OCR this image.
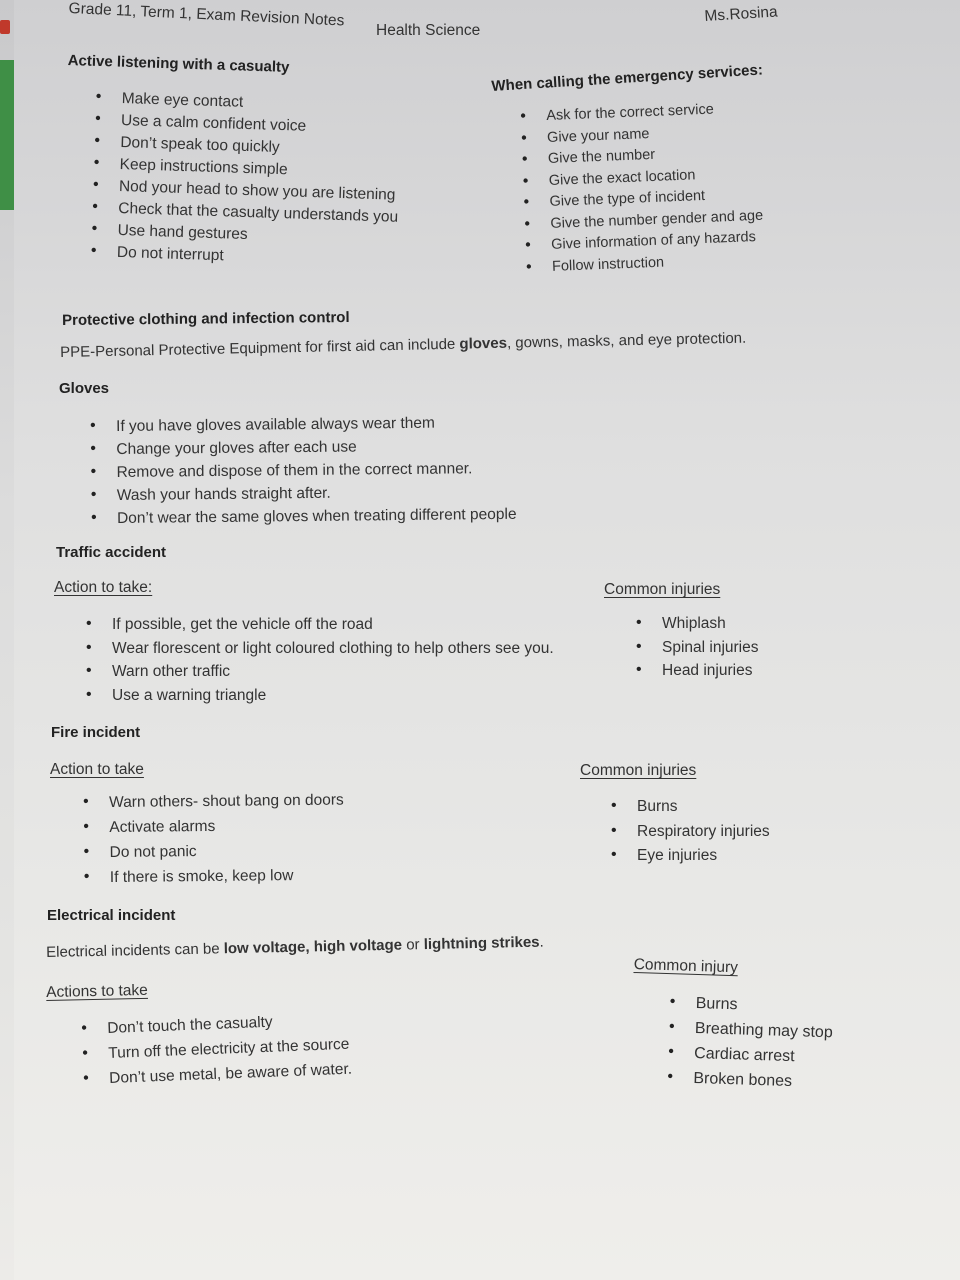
Grade 11, Term 1, Exam Revision Notes
Health Science
Ms.Rosina
Active listening with a casualty
• Make eye contact
• Use a calm confident voice
• Don’t speak too quickly
• Keep instructions simple
• Nod your head to show you are listening
• Check that the casualty understands you
• Use hand gestures
• Do not interrupt
When calling the emergency services:
• Ask for the correct service
• Give your name
• Give the number
• Give the exact location
• Give the type of incident
• Give the number gender and age
• Give information of any hazards
• Follow instruction
Protective clothing and infection control
PPE-Personal Protective Equipment for first aid can include gloves, gowns, masks, and eye protection.
Gloves
• If you have gloves available always wear them
• Change your gloves after each use
• Remove and dispose of them in the correct manner.
• Wash your hands straight after.
• Don’t wear the same gloves when treating different people
Traffic accident
Action to take:
• If possible, get the vehicle off the road
• Wear florescent or light coloured clothing to help others see you.
• Warn other traffic
• Use a warning triangle
Common injuries
• Whiplash
• Spinal injuries
• Head injuries
Fire incident
Action to take
• Warn others- shout bang on doors
• Activate alarms
• Do not panic
• If there is smoke, keep low
Common injuries
• Burns
• Respiratory injuries
• Eye injuries
Electrical incident
Electrical incidents can be low voltage, high voltage or lightning strikes.
Actions to take
• Don’t touch the casualty
• Turn off the electricity at the source
• Don’t use metal, be aware of water.
Common injury
• Burns
• Breathing may stop
• Cardiac arrest
• Broken bones
